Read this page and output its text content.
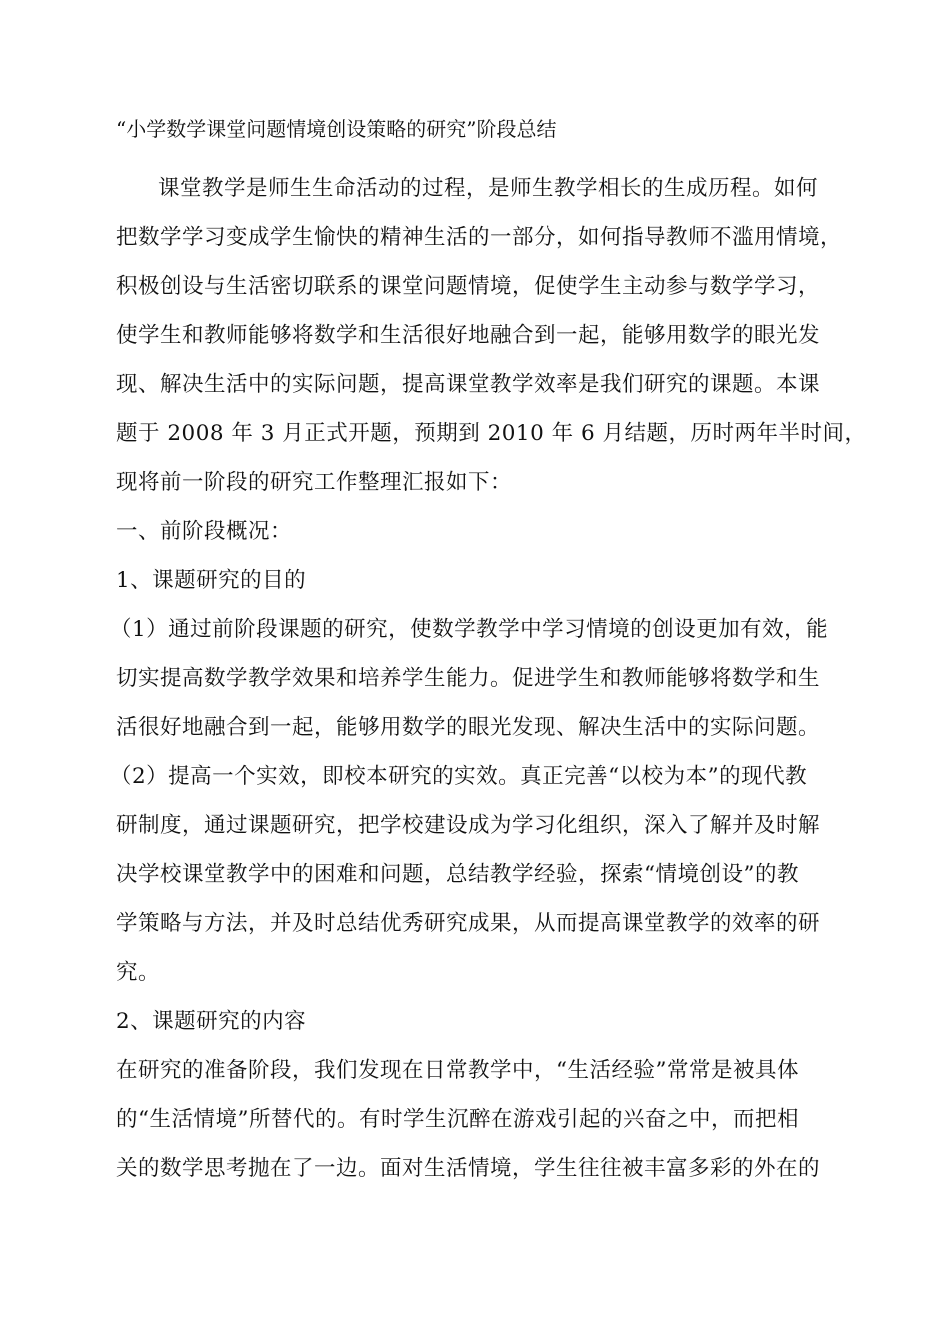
“小学数学课堂问题情境创设策略的研究”阶段总结
课堂教学是师生生命活动的过程，是师生教学相长的生成历程。如何
把数学学习变成学生愉快的精神生活的一部分，如何指导教师不滥用情境，
积极创设与生活密切联系的课堂问题情境，促使学生主动参与数学学习，
使学生和教师能够将数学和生活很好地融合到一起，能够用数学的眼光发
现、解决生活中的实际问题，提高课堂教学效率是我们研究的课题。本课
题于 2008 年 3 月正式开题，预期到 2010 年 6 月结题，历时两年半时间，
现将前一阶段的研究工作整理汇报如下：
一、前阶段概况：
1、课题研究的目的
（1）通过前阶段课题的研究，使数学教学中学习情境的创设更加有效，能
切实提高数学教学效果和培养学生能力。促进学生和教师能够将数学和生
活很好地融合到一起，能够用数学的眼光发现、解决生活中的实际问题。
（2）提高一个实效，即校本研究的实效。真正完善“以校为本”的现代教
研制度，通过课题研究，把学校建设成为学习化组织，深入了解并及时解
决学校课堂教学中的困难和问题，总结教学经验，探索“情境创设”的教
学策略与方法，并及时总结优秀研究成果，从而提高课堂教学的效率的研
究。
2、课题研究的内容
在研究的准备阶段，我们发现在日常教学中，“生活经验”常常是被具体
的“生活情境”所替代的。有时学生沉醉在游戏引起的兴奋之中，而把相
关的数学思考抛在了一边。面对生活情境，学生往往被丰富多彩的外在的
